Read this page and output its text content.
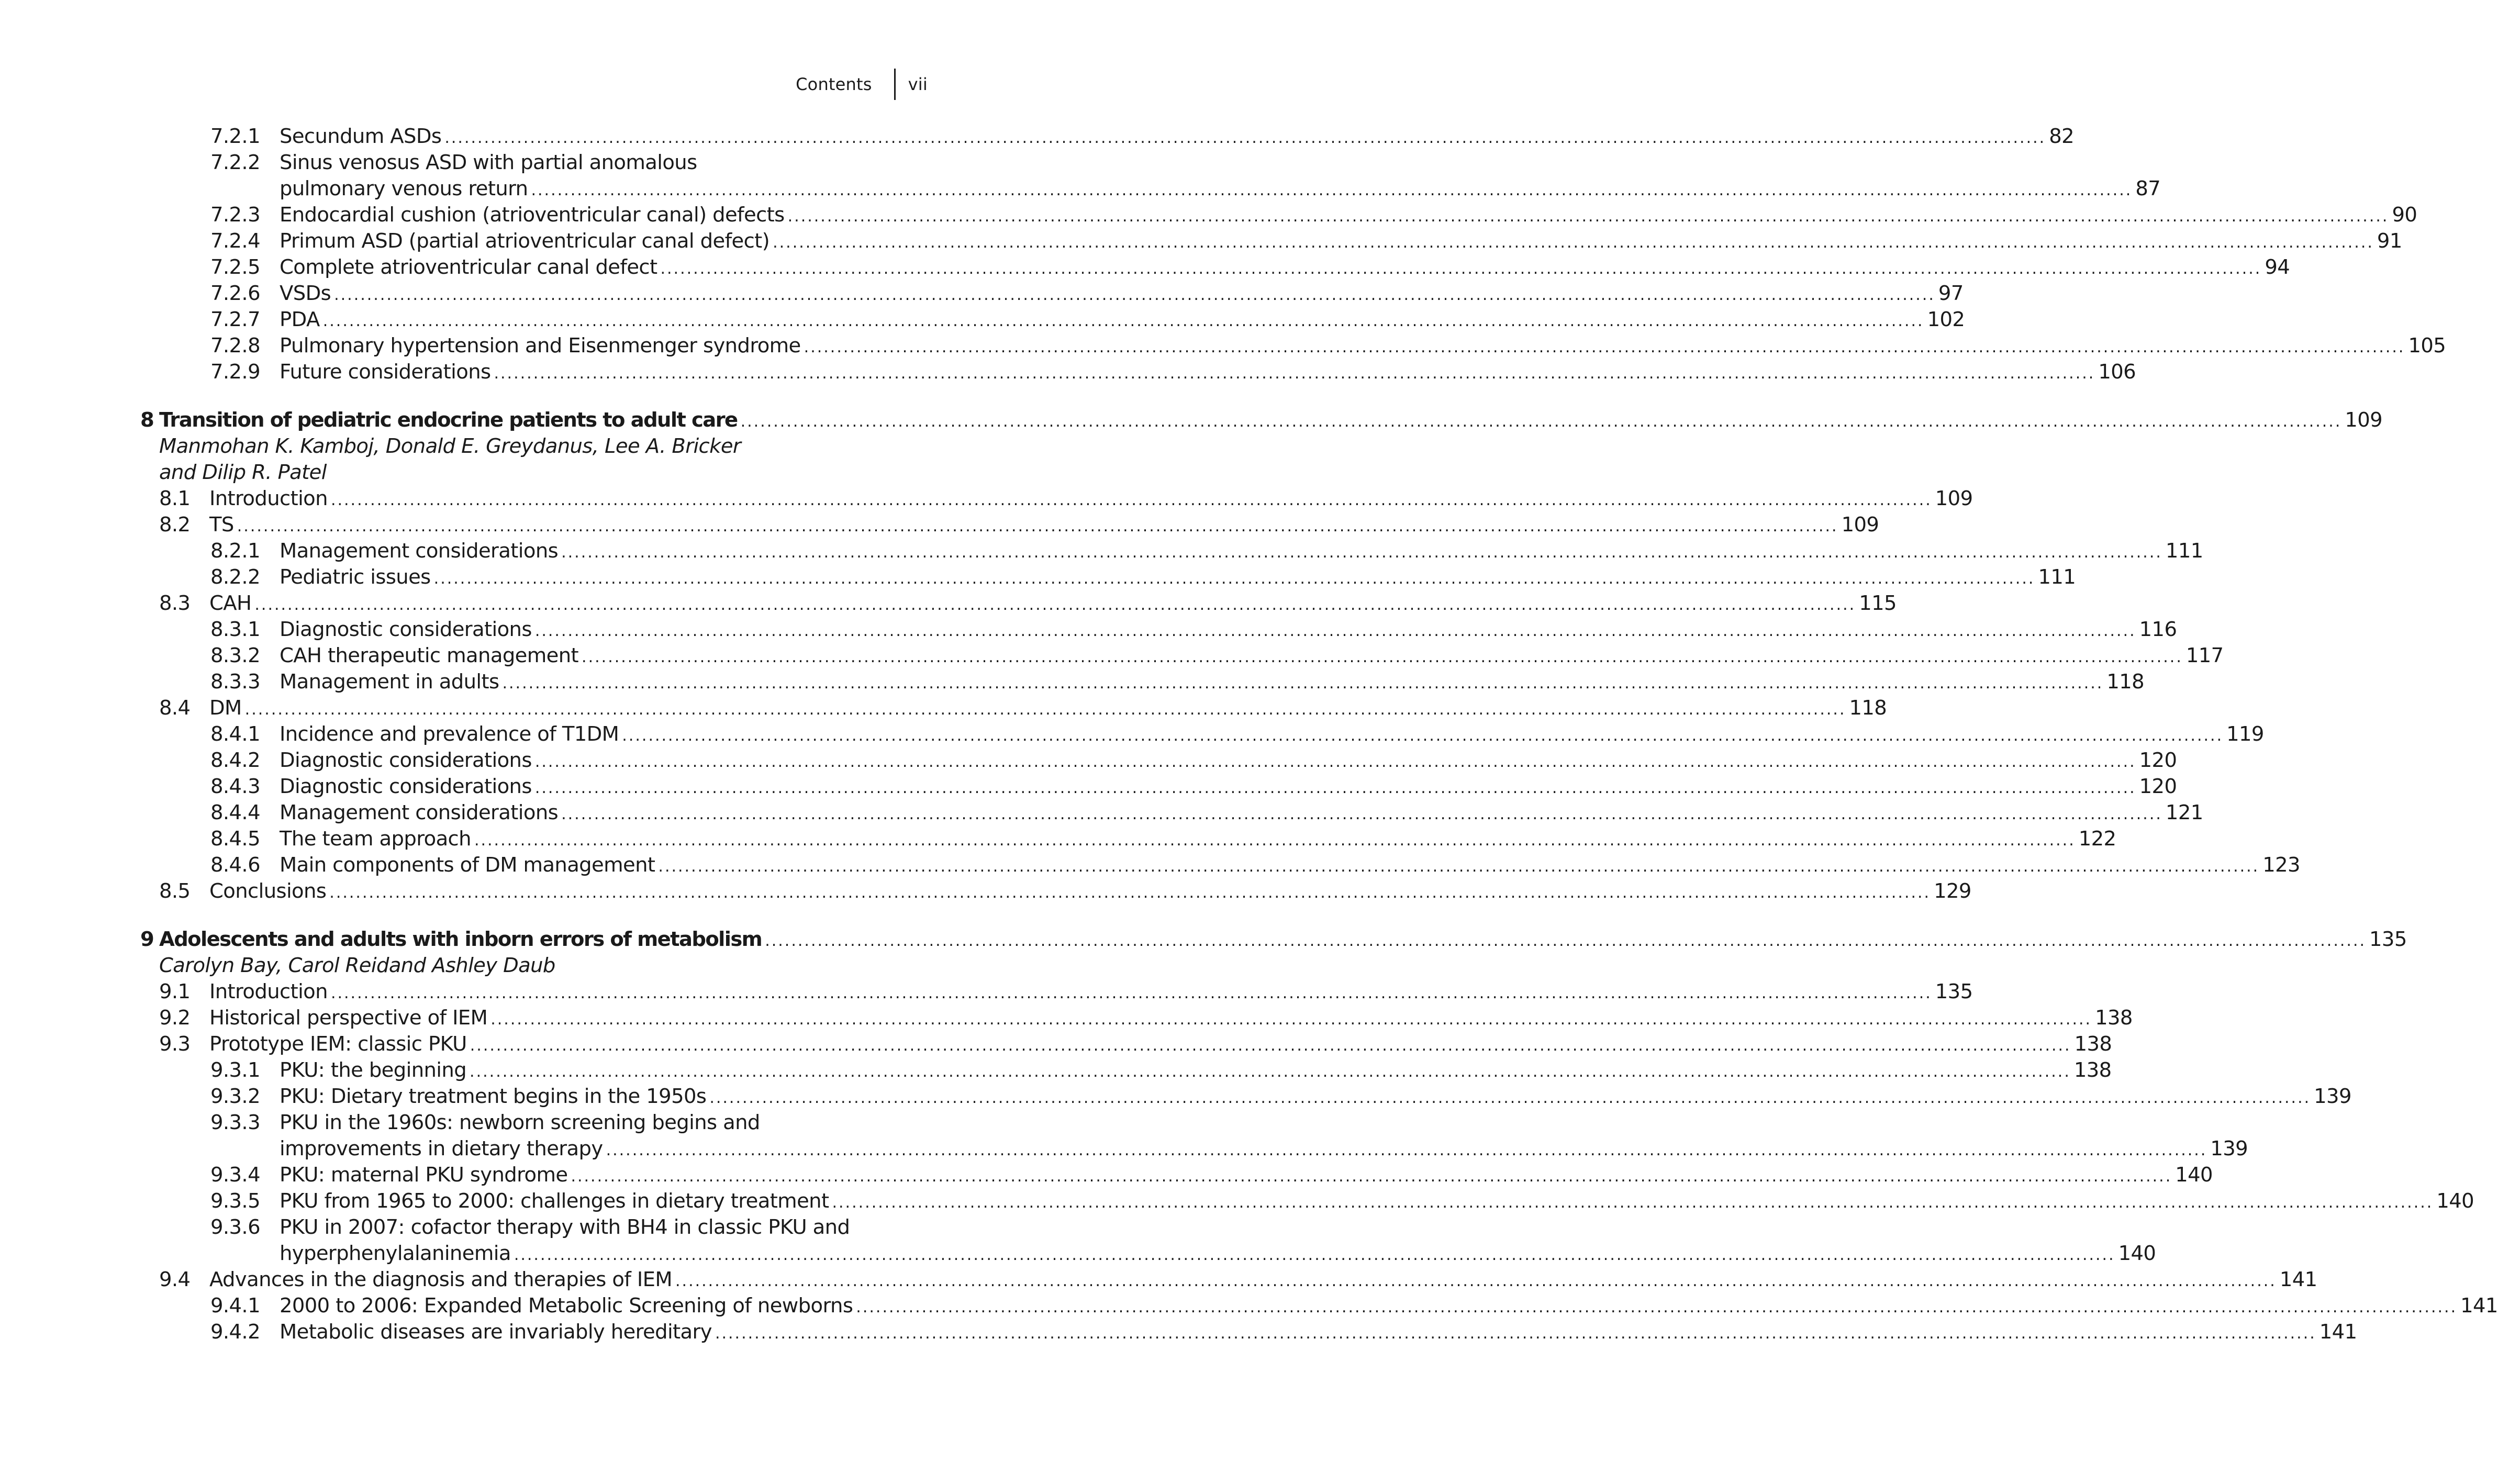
Contents vii
7.2.1 Secundum ASDs .....	82
7.2.2 Sinus venosus ASD with partial anomalous
pulmonary venous return .....	87
7.2.3 Endocardial cushion (atrioventricular canal) defects .....	90
7.2.4 Primum ASD (partial atrioventricular canal defect) .....	91
7.2.5 Complete atrioventricular canal defect .....	94
7.2.6 VSDs .....	97
7.2.7 PDA .....	102
7.2.8 Pulmonary hypertension and Eisenmenger syndrome .....	105
7.2.9 Future considerations .....	106
8 Transition of pediatric endocrine patients to adult care .....	109
Manmohan K. Kamboj, Donald E. Greydanus, Lee A. Bricker
and Dilip R. Patel
8.1 Introduction .....	109
8.2 TS .....	109
8.2.1 Management considerations .....	111
8.2.2 Pediatric issues .....	111
8.3 CAH .....	115
8.3.1 Diagnostic considerations .....	116
8.3.2 CAH therapeutic management .....	117
8.3.3 Management in adults .....	118
8.4 DM .....	118
8.4.1 Incidence and prevalence of T1DM .....	119
8.4.2 Diagnostic considerations .....	120
8.4.3 Diagnostic considerations .....	120
8.4.4 Management considerations .....	121
8.4.5 The team approach .....	122
8.4.6 Main components of DM management .....	123
8.5 Conclusions .....	129
9 Adolescents and adults with inborn errors of metabolism .....	135
Carolyn Bay, Carol Reidand Ashley Daub
9.1 Introduction .....	135
9.2 Historical perspective of IEM .....	138
9.3 Prototype IEM: classic PKU .....	138
9.3.1 PKU: the beginning .....	138
9.3.2 PKU: Dietary treatment begins in the 1950s .....	139
9.3.3 PKU in the 1960s: newborn screening begins and
improvements in dietary therapy .....	139
9.3.4 PKU: maternal PKU syndrome .....	140
9.3.5 PKU from 1965 to 2000: challenges in dietary treatment .....	140
9.3.6 PKU in 2007: cofactor therapy with BH4 in classic PKU and
hyperphenylalaninemia .....	140
9.4 Advances in the diagnosis and therapies of IEM .....	141
9.4.1 2000 to 2006: Expanded Metabolic Screening of newborns .....	141
9.4.2 Metabolic diseases are invariably hereditary .....	141
